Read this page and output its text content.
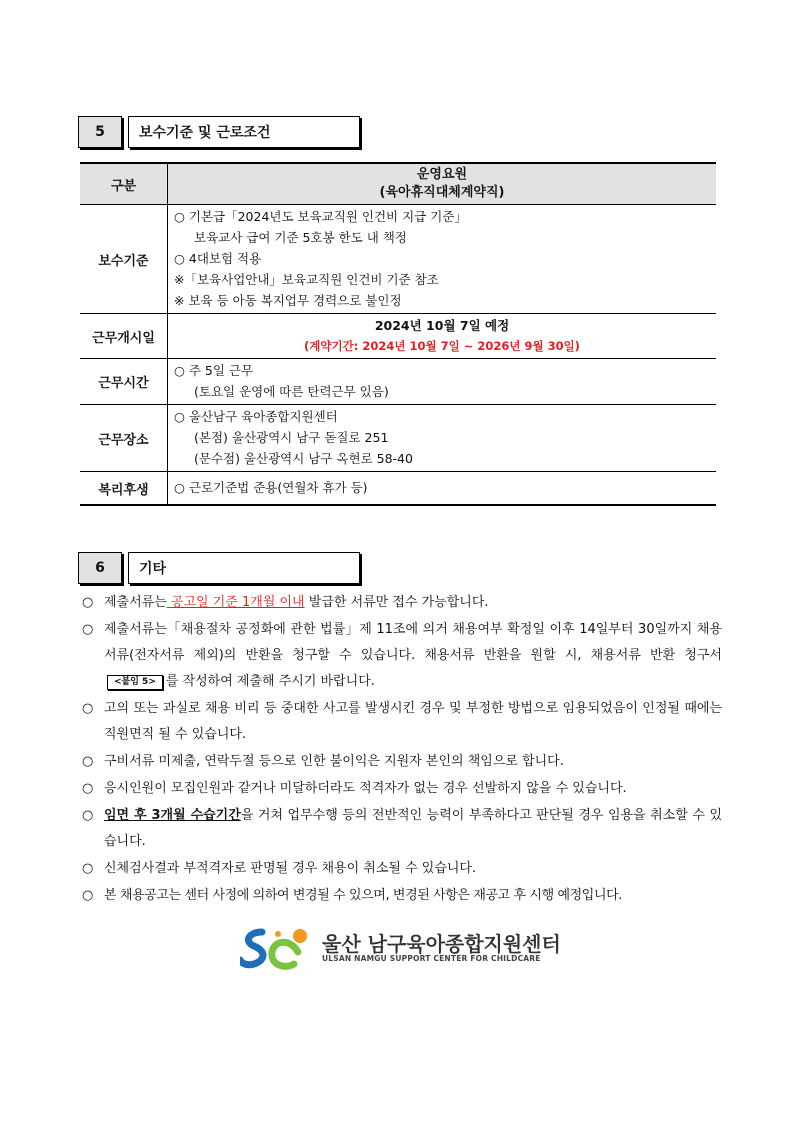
5	보수기준 및 근로조건
구분	운영요원
(육아휴직대체계약직)

보수기준	○ 기본급「2024년도 보육교직원 인건비 지급 기준」
보육교사 급여 기준 5호봉 한도 내 책정
○ 4대보험 적용
※「보육사업안내」보육교직원 인건비 기준 참조
※ 보육 등 아동 복지업무 경력으로 불인정

근무개시일	2024년 10월 7일 예정
(계약기간: 2024년 10월 7일 ~ 2026년 9월 30일)

근무시간	○ 주 5일 근무
(토요일 운영에 따른 탄력근무 있음)

근무장소	○ 울산남구 육아종합지원센터
(본점) 울산광역시 남구 돋질로 251
(문수점) 울산광역시 남구 옥현로 58-40

복리후생	○ 근로기준법 준용(연월차 휴가 등)
6	기타
○ 제출서류는 공고일 기준 1개월 이내 발급한 서류만 접수 가능합니다.
○ 제출서류는「채용절차 공정화에 관한 법률」제 11조에 의거 채용여부 확정일 이후 14일부터 30일까지 채용서류(전자서류 제외)의 반환을 청구할 수 있습니다. 채용서류 반환을 원할 시, 채용서류 반환 청구서<붙임 5> 를 작성하여 제출해 주시기 바랍니다.
○ 고의 또는 과실로 채용 비리 등 중대한 사고를 발생시킨 경우 및 부정한 방법으로 임용되었음이 인정될 때에는 직원면직 될 수 있습니다.
○ 구비서류 미제출, 연락두절 등으로 인한 불이익은 지원자 본인의 책임으로 합니다.
○ 응시인원이 모집인원과 같거나 미달하더라도 적격자가 없는 경우 선발하지 않을 수 있습니다.
○ 임면 후 3개월 수습기간을 거쳐 업무수행 등의 전반적인 능력이 부족하다고 판단될 경우 임용을 취소할 수 있습니다.
○ 신체검사결과 부적격자로 판명될 경우 채용이 취소될 수 있습니다.
○ 본 채용공고는 센터 사정에 의하여 변경될 수 있으며, 변경된 사항은 재공고 후 시행 예정입니다.
울산 남구육아종합지원센터
ULSAN NAMGU SUPPORT CENTER FOR CHILDCARE
